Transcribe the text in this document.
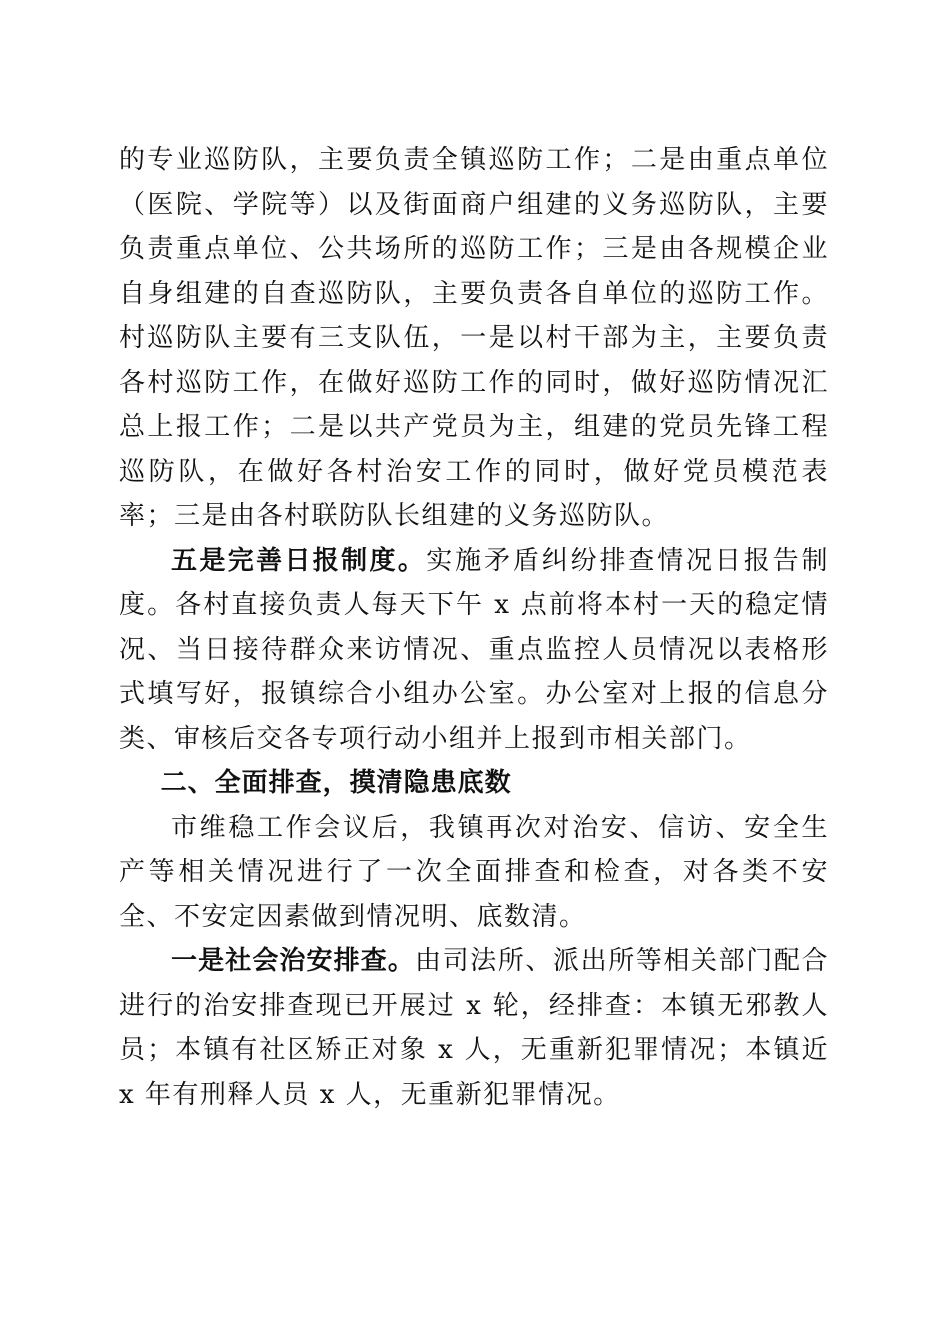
的专业巡防队，主要负责全镇巡防工作；二是由重点单位（医院、学院等）以及街面商户组建的义务巡防队，主要负责重点单位、公共场所的巡防工作；三是由各规模企业自身组建的自查巡防队，主要负责各自单位的巡防工作。村巡防队主要有三支队伍，一是以村干部为主，主要负责各村巡防工作，在做好巡防工作的同时，做好巡防情况汇总上报工作；二是以共产党员为主，组建的党员先锋工程巡防队，在做好各村治安工作的同时，做好党员模范表率；三是由各村联防队长组建的义务巡防队。

五是完善日报制度。实施矛盾纠纷排查情况日报告制度。各村直接负责人每天下午 x 点前将本村一天的稳定情况、当日接待群众来访情况、重点监控人员情况以表格形式填写好，报镇综合小组办公室。办公室对上报的信息分类、审核后交各专项行动小组并上报到市相关部门。

二、全面排查，摸清隐患底数

市维稳工作会议后，我镇再次对治安、信访、安全生产等相关情况进行了一次全面排查和检查，对各类不安全、不安定因素做到情况明、底数清。

一是社会治安排查。由司法所、派出所等相关部门配合进行的治安排查现已开展过 x 轮，经排查：本镇无邪教人员；本镇有社区矫正对象 x 人，无重新犯罪情况；本镇近 x 年有刑释人员 x 人，无重新犯罪情况。
